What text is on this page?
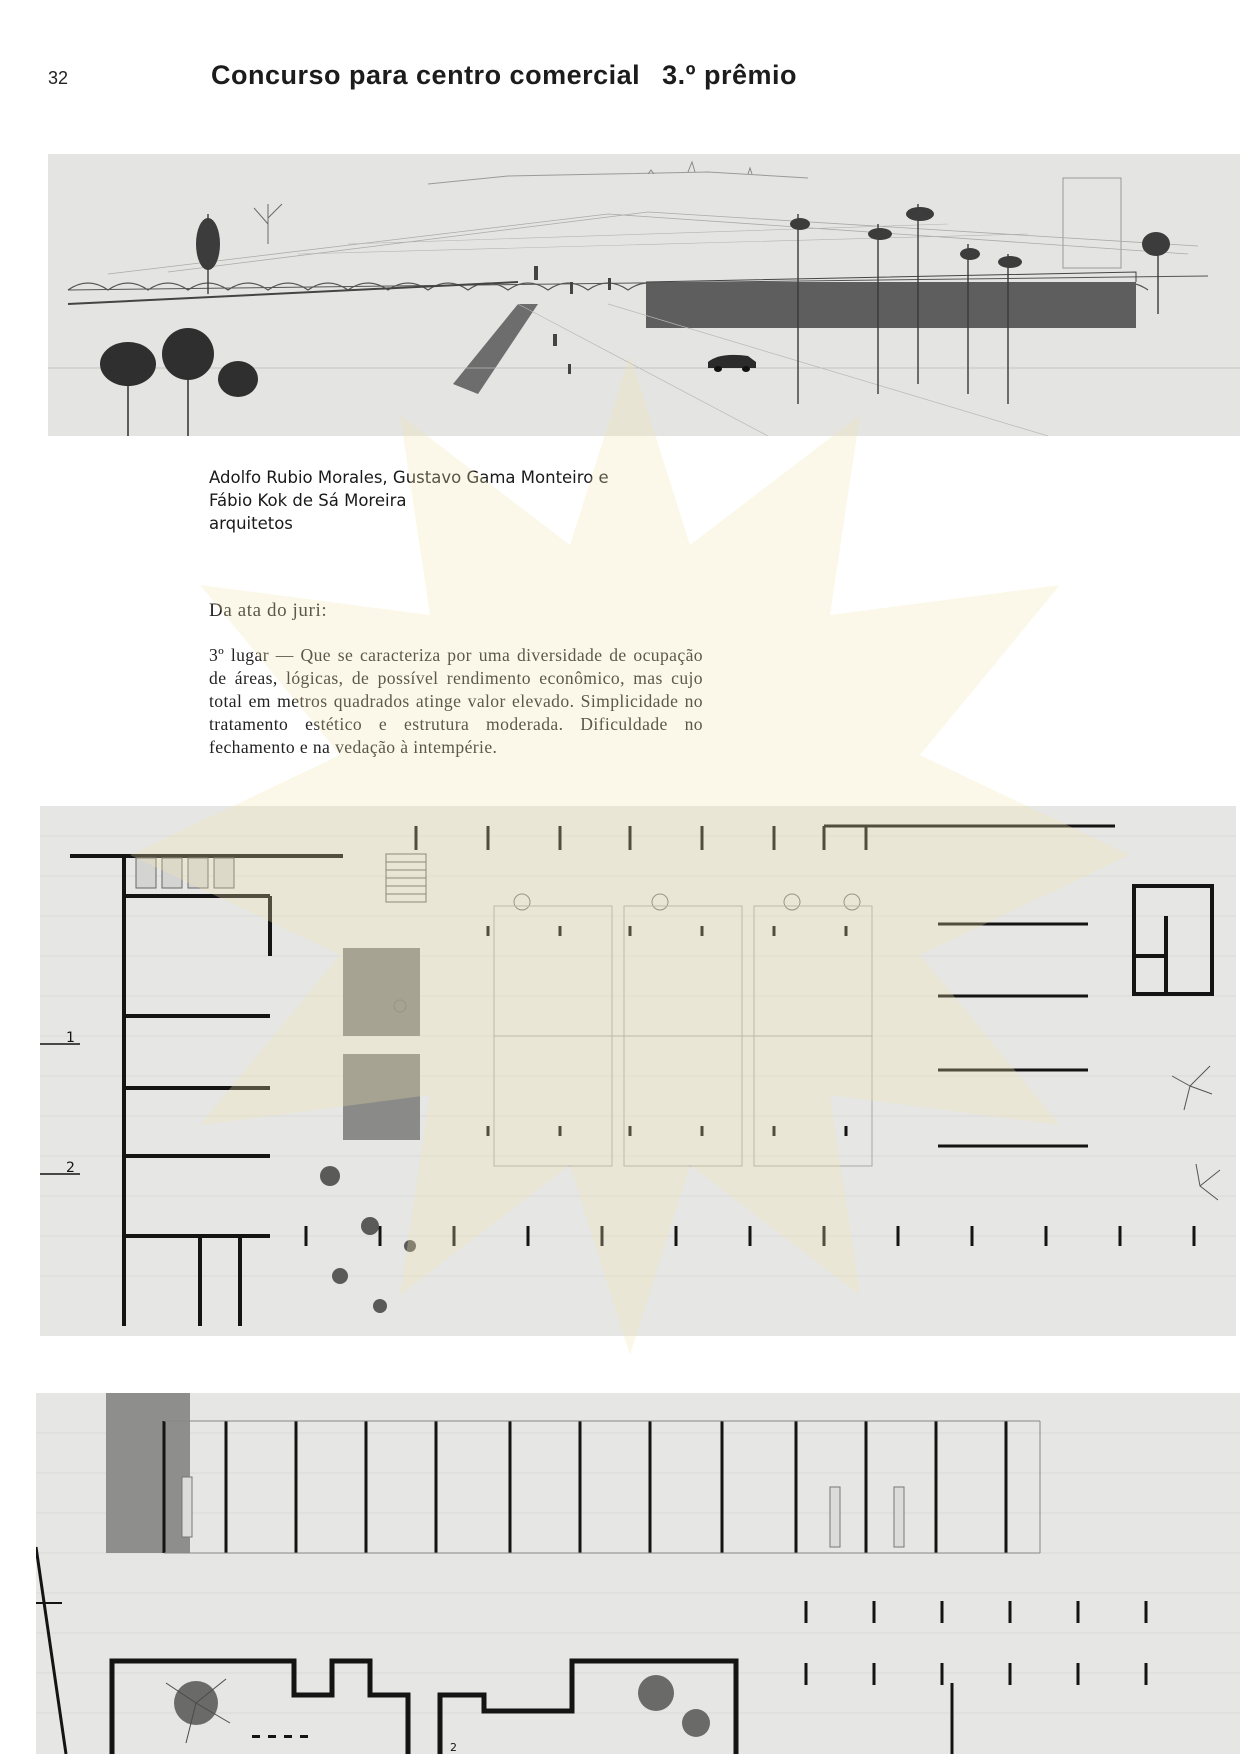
32	Concurso para centro comercial 3.º prêmio
Adolfo Rubio Morales, Gustavo Gama Monteiro e
Fábio Kok de Sá Moreira
arquitetos

Da ata do juri:

3º lugar — Que se caracteriza por uma diversidade de ocupação de áreas, lógicas, de possível rendimento econômico, mas cujo total em metros quadrados atinge valor elevado. Simplicidade no tratamento estético e estrutura moderada. Dificuldade no fechamento e na vedação à intempérie.

1
2
2
